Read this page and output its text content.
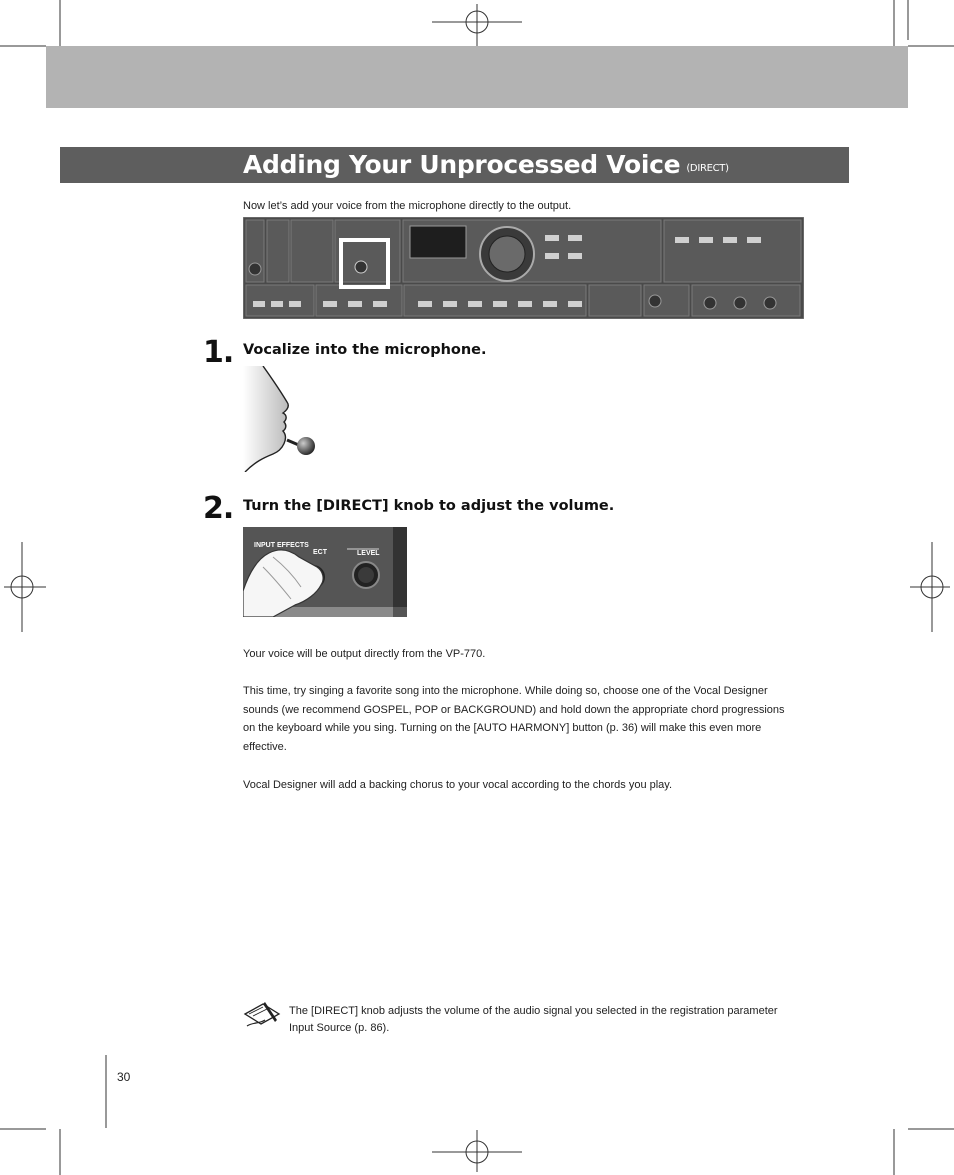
Adding Your Unprocessed Voice (DIRECT)
Now let’s add your voice from the microphone directly to the output.
1. Vocalize into the microphone.
2. Turn the [DIRECT] knob to adjust the volume.
INPUT EFFECTS
ECT	LEVEL
Your voice will be output directly from the VP-770.
This time, try singing a favorite song into the microphone. While doing so, choose one of the Vocal Designer sounds (we recommend GOSPEL, POP or BACKGROUND) and hold down the appropriate chord progressions on the keyboard while you sing. Turning on the [AUTO HARMONY] button (p. 36) will make this even more effective.
Vocal Designer will add a backing chorus to your vocal according to the chords you play.
The [DIRECT] knob adjusts the volume of the audio signal you selected in the registration parameter Input Source (p. 86).
30
